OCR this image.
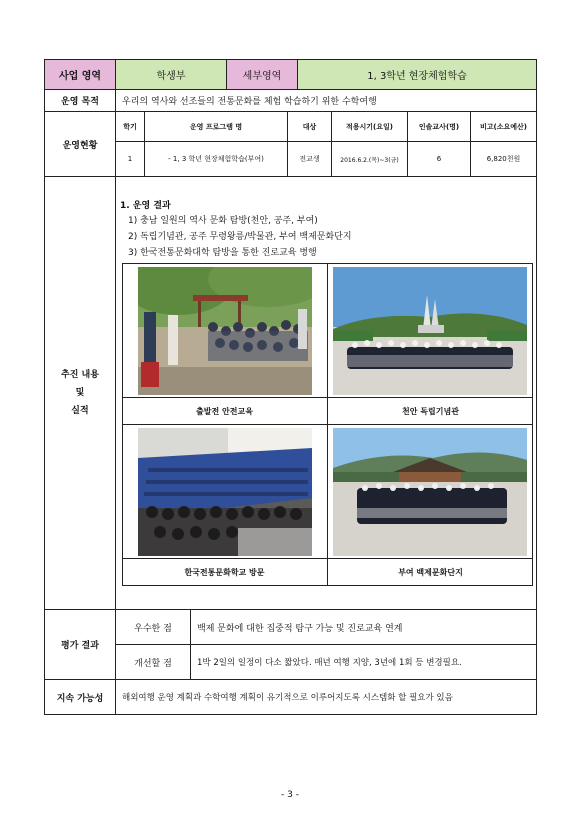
사업 영역	학생부	세부영역	1, 3학년 현장체험학습
운영 목적	우리의 역사와 선조들의 전통문화를 체험 학습하기 위한 수학여행
운영현황
학기	운영 프로그램 명	대상	적용시기(요일)	인솔교사(명)	비고(소요예산)
1	- 1, 3 학년 현장체험학습(부여)	전교생	2016.6.2.(목)~3(금)	6	6,820천원
추진 내용
및
실적
1. 운영 결과
1) 충남 일원의 역사 문화 탐방(천안, 공주, 부여)
2) 독립기념관, 공주 무령왕릉/박물관, 부여 백제문화단지
3) 한국전통문화대학 탐방을 통한 진로교육 병행
출발전 안전교육	천안 독립기념관
한국전통문화학교 방문	부여 백제문화단지
평가 결과
우수한 점	백제 문화에 대한 집중적 탐구 가능 및 진로교육 연계
개선할 점	1박 2일의 일정이 다소 짧았다. 매년 여행 지양, 3년에 1회 등 변경필요.
지속 가능성	해외여행 운영 계획과 수학여행 계획이 유기적으로 이루어지도록 시스템화 할 필요가 있음
- 3 -
